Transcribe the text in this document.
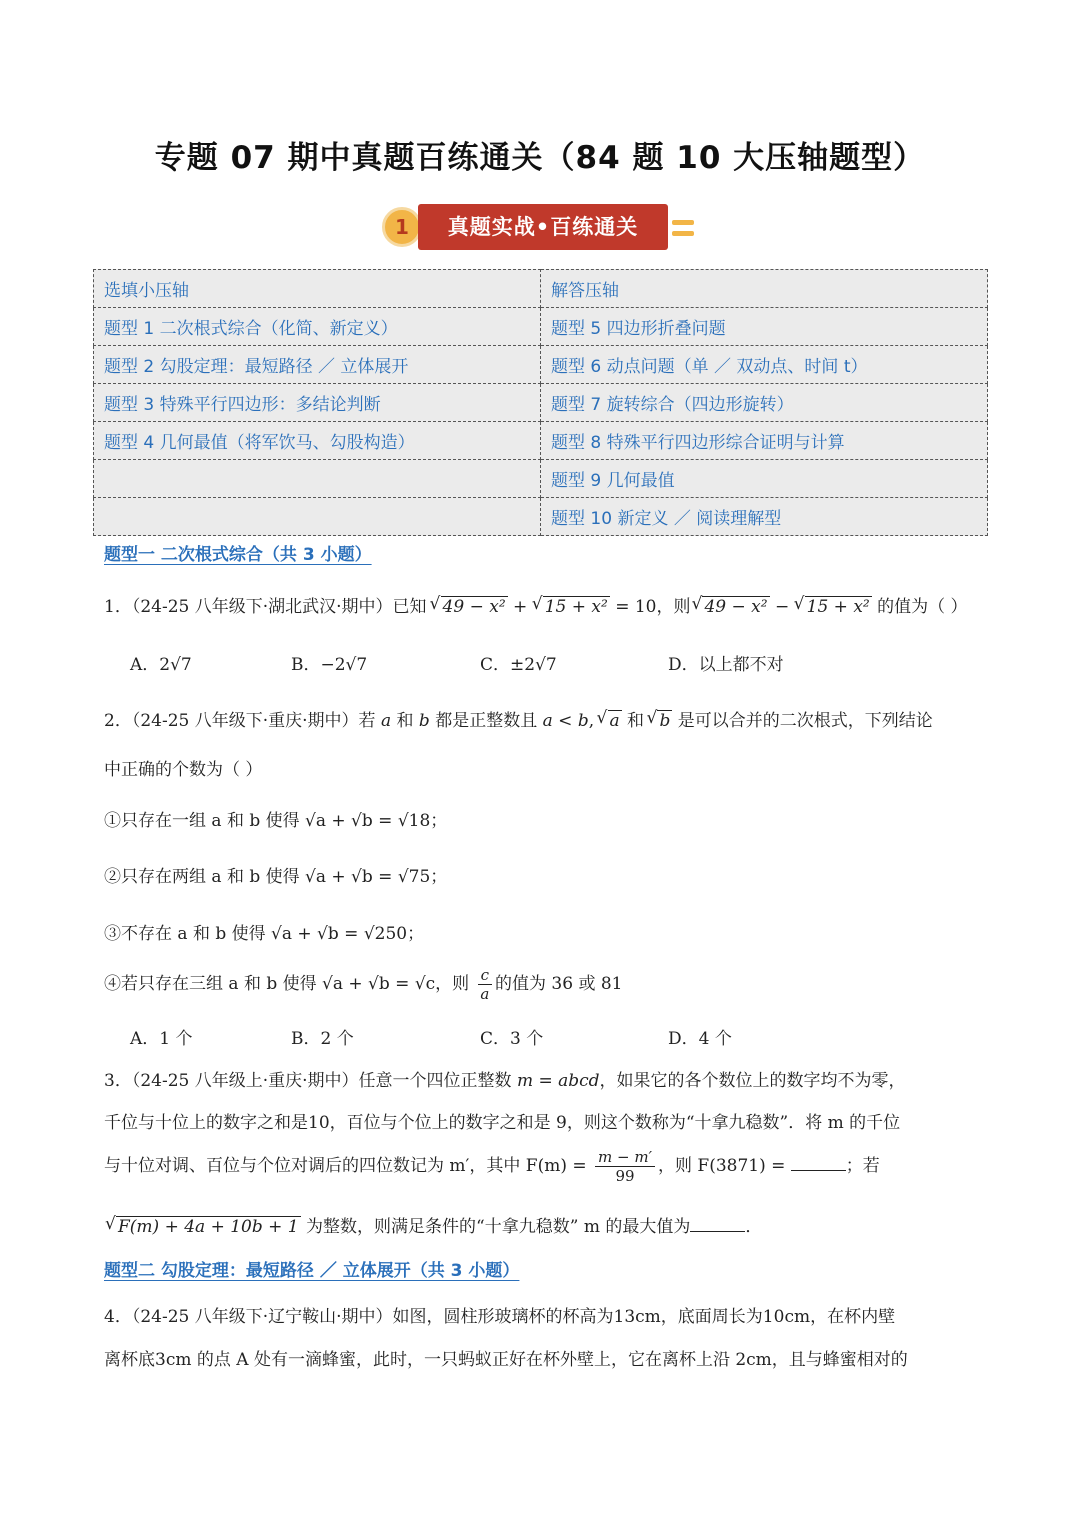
专题 07 期中真题百练通关（84 题 10 大压轴题型）
1	真题实战•百练通关
选填小压轴	解答压轴
题型 1 二次根式综合（化简、新定义）	题型 5 四边形折叠问题
题型 2 勾股定理：最短路径 ／ 立体展开	题型 6 动点问题（单 ／ 双动点、时间 t）
题型 3 特殊平行四边形：多结论判断	题型 7 旋转综合（四边形旋转）
题型 4 几何最值（将军饮马、勾股构造）	题型 8 特殊平行四边形综合证明与计算
	题型 9 几何最值
	题型 10 新定义 ／ 阅读理解型
题型一 二次根式综合（共 3 小题）
1．（24-25 八年级下·湖北武汉·期中）已知 √ 49 − x² + √ 15 + x² = 10，则 √ 49 − x² − √ 15 + x² 的值为（ ）
A．2√7	B．−2√7	C．±2√7	D．以上都不对
2．（24-25 八年级下·重庆·期中）若 a 和 b 都是正整数且 a < b, √ a 和 √ b 是可以合并的二次根式，下列结论
中正确的个数为（ ）
①只存在一组 a 和 b 使得 √a + √b = √18；
②只存在两组 a 和 b 使得 √a + √b = √75；
③不存在 a 和 b 使得 √a + √b = √250；
④若只存在三组 a 和 b 使得 √a + √b = √c，则 $\frac{c}{a}$ 的值为 36 或 81
A．1 个	B．2 个	C．3 个	D．4 个
3．（24-25 八年级上·重庆·期中）任意一个四位正整数 m = abcd，如果它的各个数位上的数字均不为零，
千位与十位上的数字之和是10，百位与个位上的数字之和是 9，则这个数称为“十拿九稳数”．将 m 的千位
与十位对调、百位与个位对调后的四位数记为 m′，其中 $F(m) = \frac{m - m'}{99}$ ，则 F(3871) =	；若
√ F(m) + 4a + 10b + 1 为整数，则满足条件的“十拿九稳数” m 的最大值为	．
题型二 勾股定理：最短路径 ／ 立体展开（共 3 小题）
4．（24-25 八年级下·辽宁鞍山·期中）如图，圆柱形玻璃杯的杯高为13cm，底面周长为10cm，在杯内壁
离杯底3cm 的点 A 处有一滴蜂蜜，此时，一只蚂蚁正好在杯外壁上，它在离杯上沿 2cm，且与蜂蜜相对的
